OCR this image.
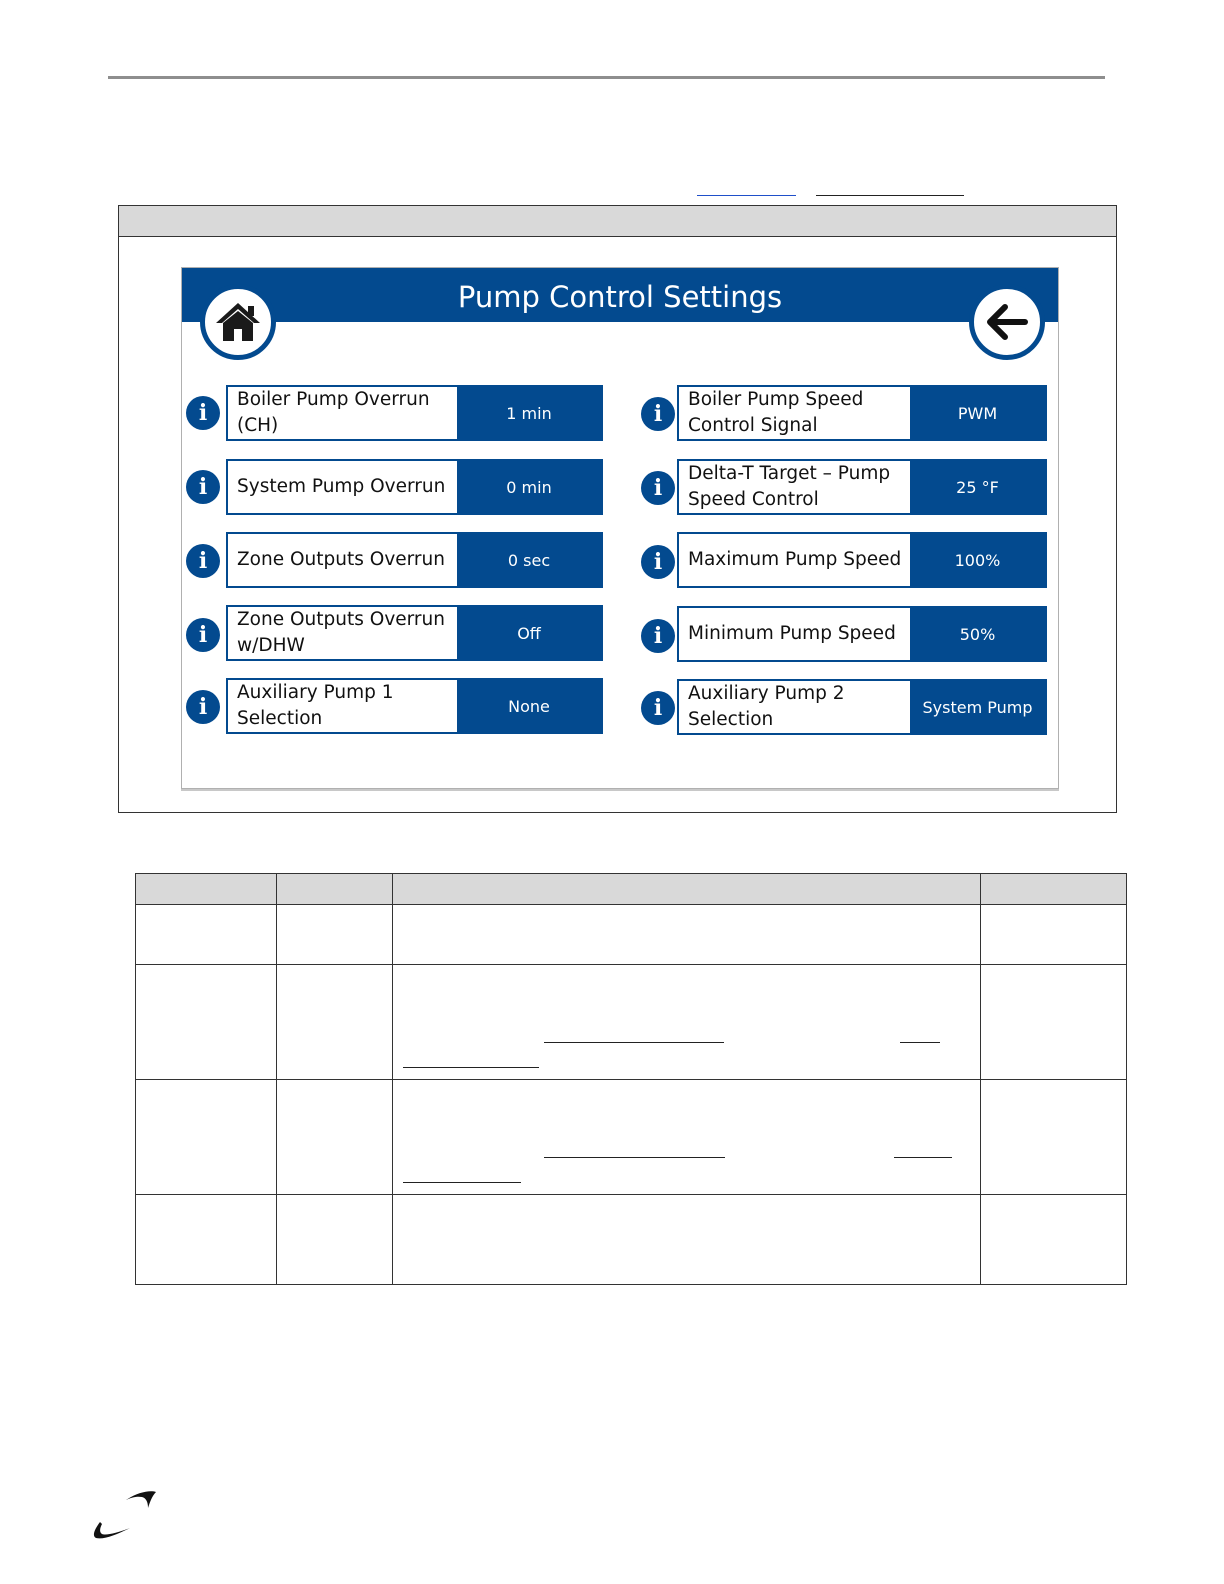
Pump Control Settings
i
Boiler Pump Overrun (CH)
1 min
i	System Pump Overrun	0 min
i	Zone Outputs Overrun	0 sec
i
Zone Outputs Overrun w/DHW
Off
i
Auxiliary Pump 1 Selection
None
i
Boiler Pump Speed Control Signal
PWM
i
Delta-T Target – Pump Speed Control
25 °F
i	Maximum Pump Speed	100%
i	Minimum Pump Speed	50%
i
Auxiliary Pump 2 Selection
System Pump
